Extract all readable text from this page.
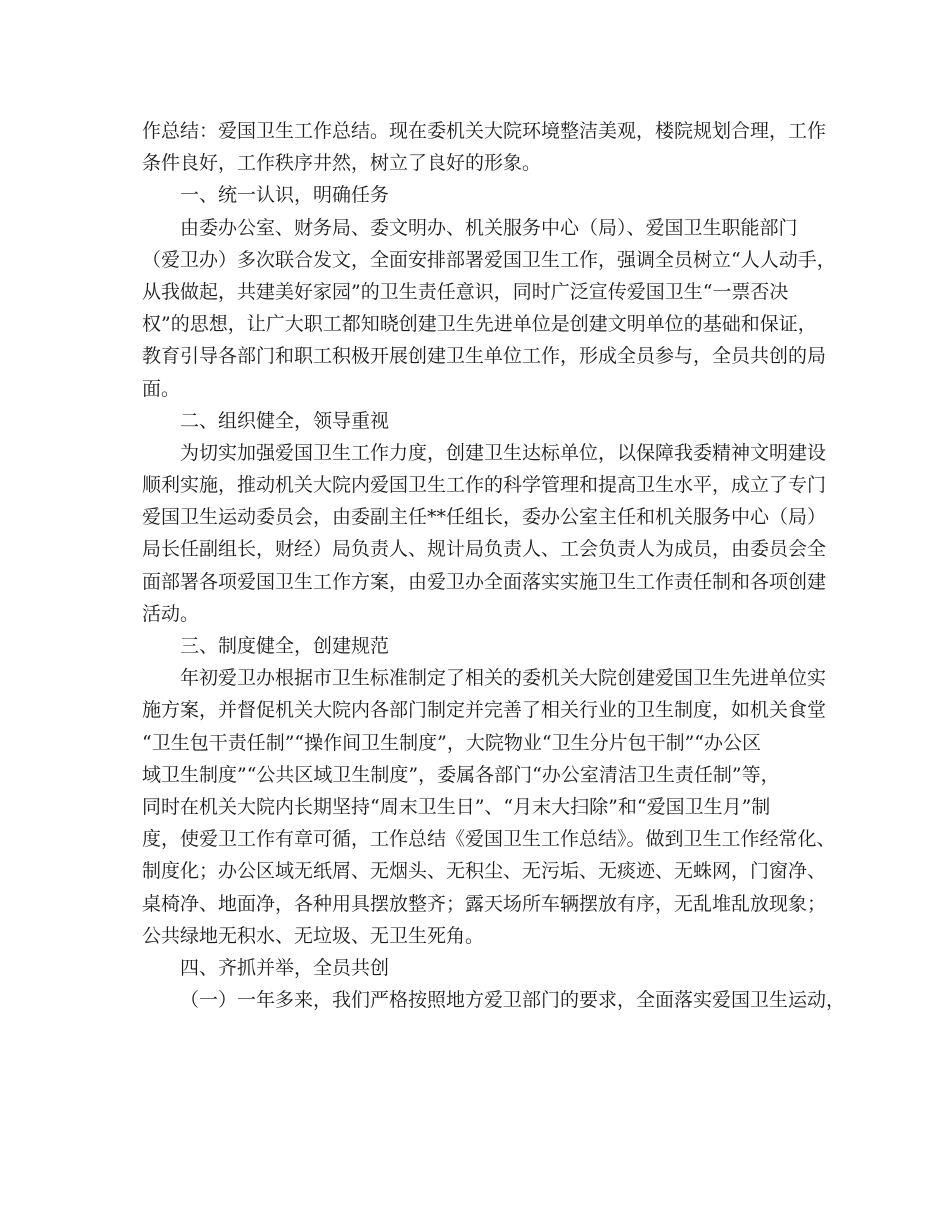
作总结：爱国卫生工作总结。现在委机关大院环境整洁美观，楼院规划合理，工作
条件良好，工作秩序井然，树立了良好的形象。
一、统一认识，明确任务
由委办公室、财务局、委文明办、机关服务中心（局）、爱国卫生职能部门
（爱卫办）多次联合发文，全面安排部署爱国卫生工作，强调全员树立“人人动手，
从我做起，共建美好家园”的卫生责任意识，同时广泛宣传爱国卫生“一票否决
权”的思想，让广大职工都知晓创建卫生先进单位是创建文明单位的基础和保证，
教育引导各部门和职工积极开展创建卫生单位工作，形成全员参与，全员共创的局
面。
二、组织健全，领导重视
为切实加强爱国卫生工作力度，创建卫生达标单位，以保障我委精神文明建设
顺利实施，推动机关大院内爱国卫生工作的科学管理和提高卫生水平，成立了专门
爱国卫生运动委员会，由委副主任**任组长，委办公室主任和机关服务中心（局）
局长任副组长，财经）局负责人、规计局负责人、工会负责人为成员，由委员会全
面部署各项爱国卫生工作方案，由爱卫办全面落实实施卫生工作责任制和各项创建
活动。
三、制度健全，创建规范
年初爱卫办根据市卫生标准制定了相关的委机关大院创建爱国卫生先进单位实
施方案，并督促机关大院内各部门制定并完善了相关行业的卫生制度，如机关食堂
“卫生包干责任制”“操作间卫生制度”，大院物业“卫生分片包干制”“办公区
域卫生制度”“公共区域卫生制度”，委属各部门“办公室清洁卫生责任制”等，
同时在机关大院内长期坚持“周末卫生日”、“月末大扫除”和“爱国卫生月”制
度，使爱卫工作有章可循，工作总结《爱国卫生工作总结》。做到卫生工作经常化、
制度化；办公区域无纸屑、无烟头、无积尘、无污垢、无痰迹、无蛛网，门窗净、
桌椅净、地面净，各种用具摆放整齐；露天场所车辆摆放有序，无乱堆乱放现象；
公共绿地无积水、无垃圾、无卫生死角。
四、齐抓并举，全员共创
（一）一年多来，我们严格按照地方爱卫部门的要求，全面落实爱国卫生运动，
